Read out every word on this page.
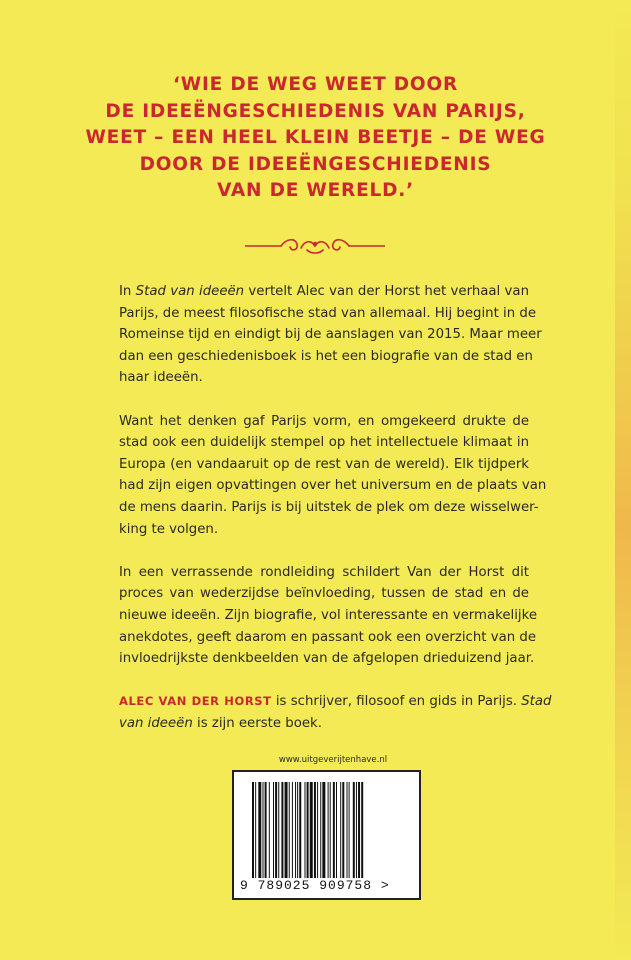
‘WIE DE WEG WEET DOOR
DE IDEEËNGESCHIEDENIS VAN PARIJS,
WEET – EEN HEEL KLEIN BEETJE – DE WEG
DOOR DE IDEEËNGESCHIEDENIS
VAN DE WERELD.’

In Stad van ideeën vertelt Alec van der Horst het verhaal van
Parijs, de meest filosofische stad van allemaal. Hij begint in de
Romeinse tijd en eindigt bij de aanslagen van 2015. Maar meer
dan een geschiedenisboek is het een biografie van de stad en
haar ideeën.

Want het denken gaf Parijs vorm, en omgekeerd drukte de
stad ook een duidelijk stempel op het intellectuele klimaat in
Europa (en vandaaruit op de rest van de wereld). Elk tijdperk
had zijn eigen opvattingen over het universum en de plaats van
de mens daarin. Parijs is bij uitstek de plek om deze wisselwer-
king te volgen.

In een verrassende rondleiding schildert Van der Horst dit
proces van wederzijdse beïnvloeding, tussen de stad en de
nieuwe ideeën. Zijn biografie, vol interessante en vermakelijke
anekdotes, geeft daarom en passant ook een overzicht van de
invloedrijkste denkbeelden van de afgelopen drieduizend jaar.

ALEC VAN DER HORST is schrijver, filosoof en gids in Parijs. Stad
van ideeën is zijn eerste boek.

www.uitgeverijtenhave.nl
9 789025 909758 >
